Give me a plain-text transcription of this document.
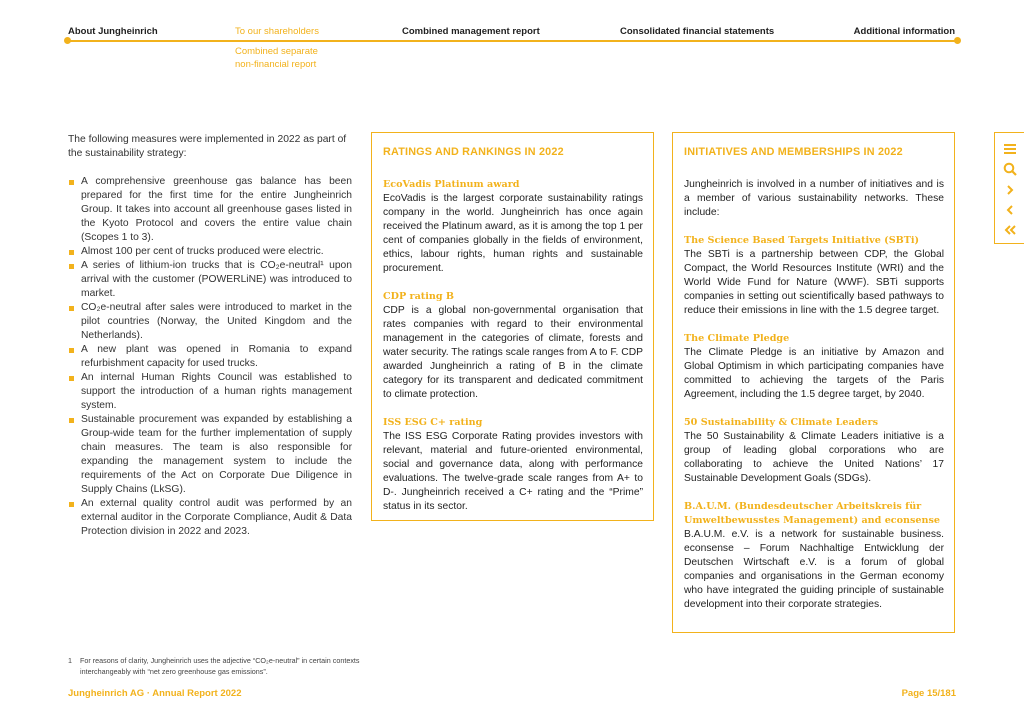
About Jungheinrich	To our shareholders	Combined management report	Consolidated financial statements	Additional information
Combined separate
non-financial report
The following measures were implemented in 2022 as part of the sustainability strategy:
A comprehensive greenhouse gas balance has been prepared for the first time for the entire Jungheinrich Group. It takes into account all greenhouse gases listed in the Kyoto Protocol and covers the entire value chain (Scopes 1 to 3).
Almost 100 per cent of trucks produced were electric.
A series of lithium-ion trucks that is CO₂e-neutral¹ upon arrival with the customer (POWERLiNE) was introduced to market.
CO₂e-neutral after sales were introduced to market in the pilot countries (Norway, the United Kingdom and the Netherlands).
A new plant was opened in Romania to expand refurbishment capacity for used trucks.
An internal Human Rights Council was established to support the introduction of a human rights management system.
Sustainable procurement was expanded by establishing a Group-wide team for the further implementation of supply chain measures. The team is also responsible for expanding the management system to include the requirements of the Act on Corporate Due Diligence in Supply Chains (LkSG).
An external quality control audit was performed by an external auditor in the Corporate Compliance, Audit & Data Protection division in 2022 and 2023.
RATINGS AND RANKINGS IN 2022
EcoVadis Platinum award
EcoVadis is the largest corporate sustainability ratings company in the world. Jungheinrich has once again received the Platinum award, as it is among the top 1 per cent of companies globally in the fields of environment, ethics, labour rights, human rights and sustainable procurement.
CDP rating B
CDP is a global non-governmental organisation that rates companies with regard to their environmental management in the categories of climate, forests and water security. The ratings scale ranges from A to F. CDP awarded Jungheinrich a rating of B in the climate category for its transparent and dedicated commitment to climate protection.
ISS ESG C+ rating
The ISS ESG Corporate Rating provides investors with relevant, material and future-oriented environmental, social and governance data, along with performance evaluations. The twelve-grade scale ranges from A+ to D-. Jungheinrich received a C+ rating and the “Prime” status in its sector.
INITIATIVES AND MEMBERSHIPS IN 2022
Jungheinrich is involved in a number of initiatives and is a member of various sustainability networks. These include:
The Science Based Targets Initiative (SBTi)
The SBTi is a partnership between CDP, the Global Compact, the World Resources Institute (WRI) and the World Wide Fund for Nature (WWF). SBTi supports companies in setting out scientifically based pathways to reduce their emissions in line with the 1.5 degree target.
The Climate Pledge
The Climate Pledge is an initiative by Amazon and Global Optimism in which participating companies have committed to achieving the targets of the Paris Agreement, including the 1.5 degree target, by 2040.
50 Sustainability & Climate Leaders
The 50 Sustainability & Climate Leaders initiative is a group of leading global corporations who are collaborating to achieve the United Nations’ 17 Sustainable Development Goals (SDGs).
B.A.U.M. (Bundesdeutscher Arbeitskreis für Umweltbewusstes Management) and econsense
B.A.U.M. e.V. is a network for sustainable business. econsense – Forum Nachhaltige Entwicklung der Deutschen Wirtschaft e.V. is a forum of global companies and organisations in the German economy who have integrated the guiding principle of sustainable development into their corporate strategies.
1 For reasons of clarity, Jungheinrich uses the adjective “CO₂e-neutral” in certain contexts interchangeably with “net zero greenhouse gas emissions”.
Jungheinrich AG · Annual Report 2022	Page 15/181
